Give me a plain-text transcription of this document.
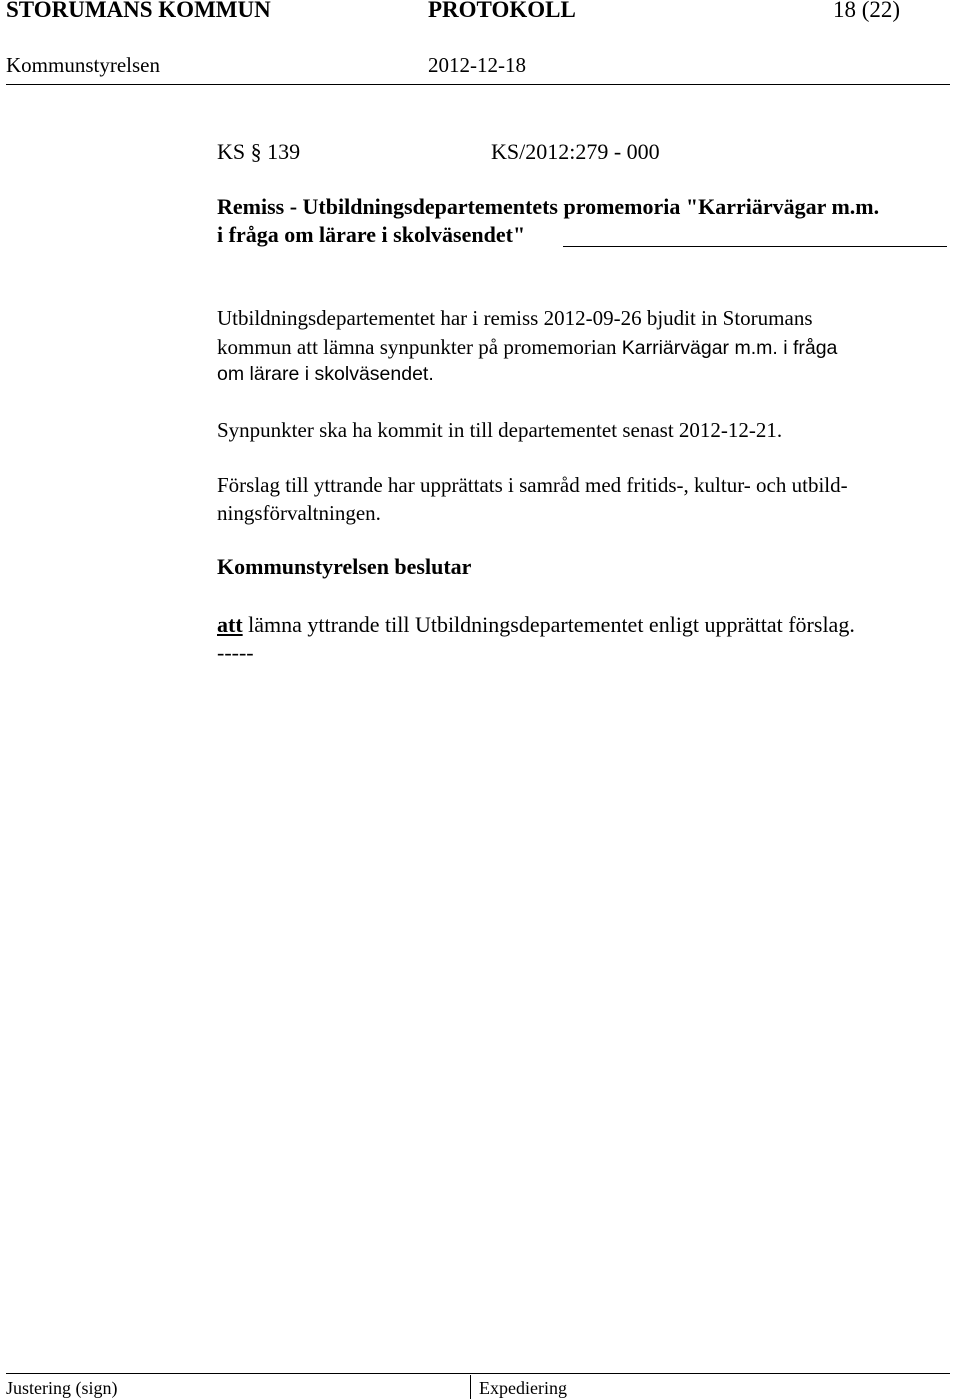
STORUMANS KOMMUN	PROTOKOLL	18 (22)
Kommunstyrelsen	2012-12-18
KS § 139	KS/2012:279 - 000
Remiss - Utbildningsdepartementets promemoria "Karriärvägar m.m.
i fråga om lärare i skolväsendet"
Utbildningsdepartementet har i remiss 2012-09-26 bjudit in Storumans
kommun att lämna synpunkter på promemorian Karriärvägar m.m. i fråga
om lärare i skolväsendet.
Synpunkter ska ha kommit in till departementet senast 2012-12-21.
Förslag till yttrande har upprättats i samråd med fritids-, kultur- och utbild-
ningsförvaltningen.
Kommunstyrelsen beslutar
att lämna yttrande till Utbildningsdepartementet enligt upprättat förslag.
-----
Justering (sign)	Expediering
